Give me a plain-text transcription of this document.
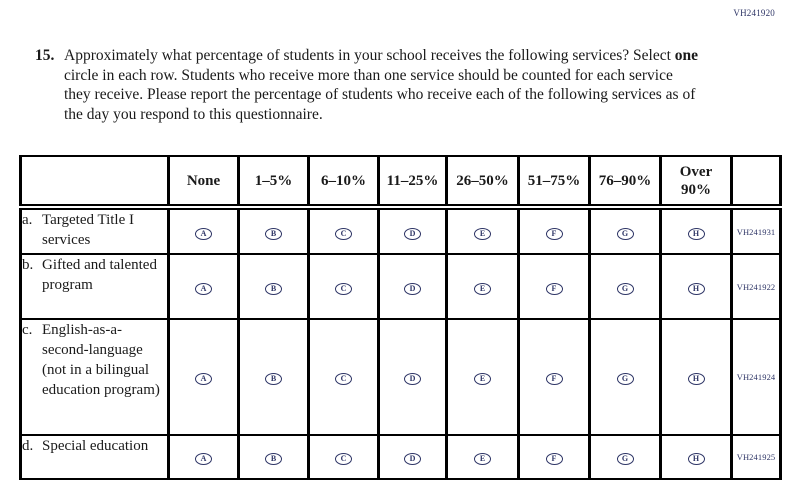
VH241920
15. Approximately what percentage of students in your school receives the following services? Select one circle in each row. Students who receive more than one service should be counted for each service they receive. Please report the percentage of students who receive each of the following services as of the day you respond to this questionnaire.
	None	1–5%	6–10%	11–25%	26–50%	51–75%	76–90%	Over 90%	

a. Targeted Title I services	A	B	C	D	E	F	G	H	VH241931

b. Gifted and talented program	A	B	C	D	E	F	G	H	VH241922

c. English-as-a-second-language (not in a bilingual education program)	A	B	C	D	E	F	G	H	VH241924

d. Special education	A	B	C	D	E	F	G	H	VH241925
